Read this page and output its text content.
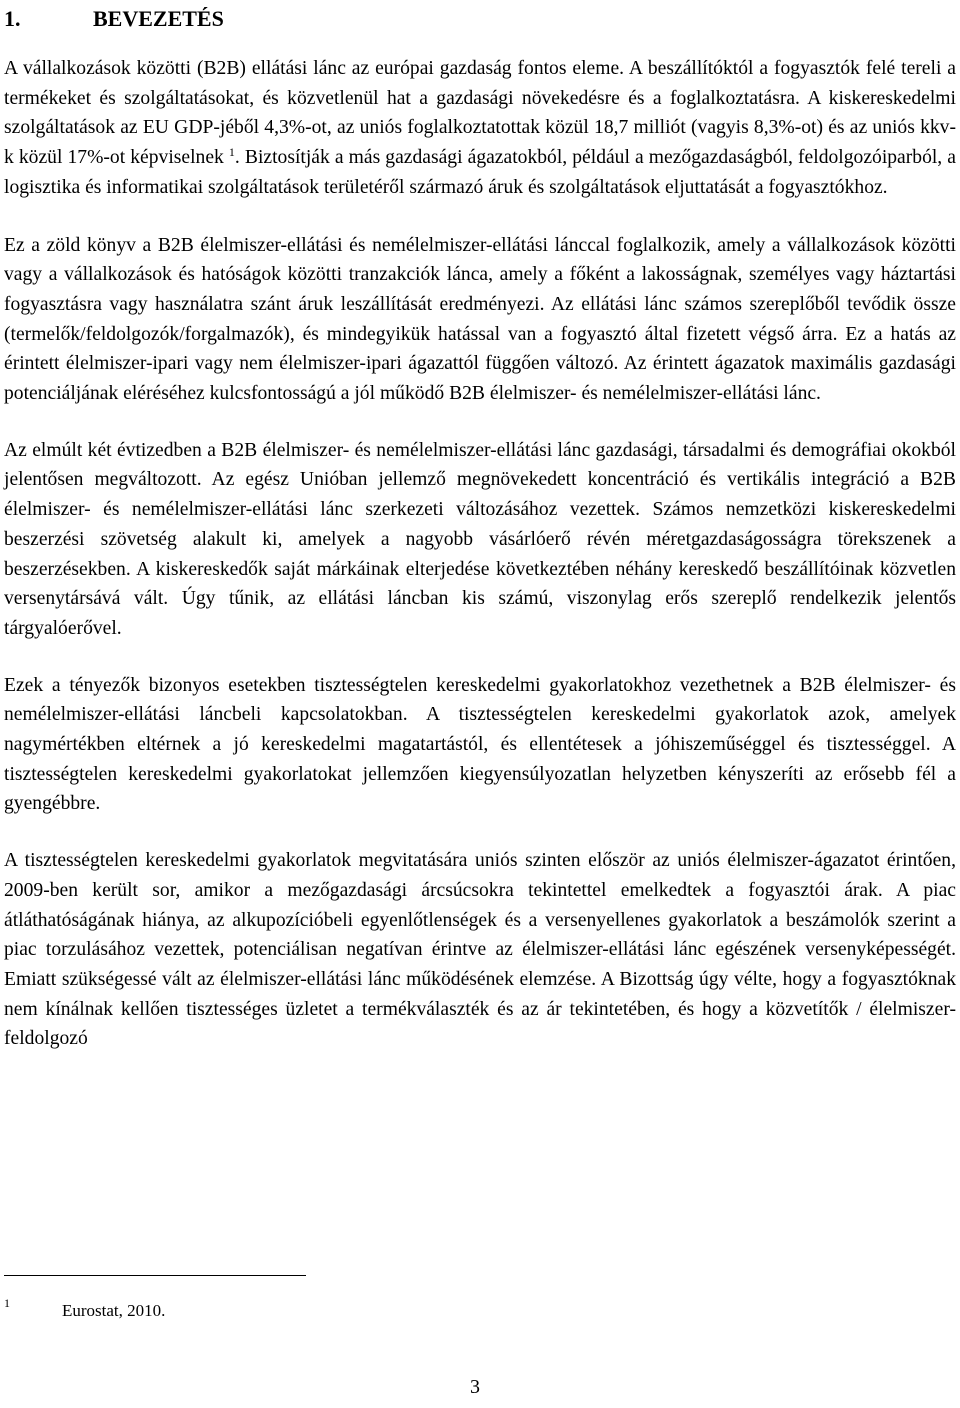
1.	BEVEZETÉS

A vállalkozások közötti (B2B) ellátási lánc az európai gazdaság fontos eleme. A beszállítóktól a fogyasztók felé tereli a termékeket és szolgáltatásokat, és közvetlenül hat a gazdasági növekedésre és a foglalkoztatásra. A kiskereskedelmi szolgáltatások az EU GDP-jéből 4,3%-ot, az uniós foglalkoztatottak közül 18,7 milliót (vagyis 8,3%-ot) és az uniós kkv-k közül 17%-ot képviselnek $^1$. Biztosítják a más gazdasági ágazatokból, például a mezőgazdaságból, feldolgozóiparból, a logisztika és informatikai szolgáltatások területéről származó áruk és szolgáltatások eljuttatását a fogyasztókhoz.

Ez a zöld könyv a B2B élelmiszer-ellátási és nemélelmiszer-ellátási lánccal foglalkozik, amely a vállalkozások közötti vagy a vállalkozások és hatóságok közötti tranzakciók lánca, amely a főként a lakosságnak, személyes vagy háztartási fogyasztásra vagy használatra szánt áruk leszállítását eredményezi. Az ellátási lánc számos szereplőből tevődik össze (termelők/feldolgozók/forgalmazók), és mindegyikük hatással van a fogyasztó által fizetett végső árra. Ez a hatás az érintett élelmiszer-ipari vagy nem élelmiszer-ipari ágazattól függően változó. Az érintett ágazatok maximális gazdasági potenciáljának eléréséhez kulcsfontosságú a jól működő B2B élelmiszer- és nemélelmiszer-ellátási lánc.

Az elmúlt két évtizedben a B2B élelmiszer- és nemélelmiszer-ellátási lánc gazdasági, társadalmi és demográfiai okokból jelentősen megváltozott. Az egész Unióban jellemző megnövekedett koncentráció és vertikális integráció a B2B élelmiszer- és nemélelmiszer-ellátási lánc szerkezeti változásához vezettek. Számos nemzetközi kiskereskedelmi beszerzési szövetség alakult ki, amelyek a nagyobb vásárlóerő révén méretgazdaságosságra törekszenek a beszerzésekben. A kiskereskedők saját márkáinak elterjedése következtében néhány kereskedő beszállítóinak közvetlen versenytársává vált. Úgy tűnik, az ellátási láncban kis számú, viszonylag erős szereplő rendelkezik jelentős tárgyalóerővel.

Ezek a tényezők bizonyos esetekben tisztességtelen kereskedelmi gyakorlatokhoz vezethetnek a B2B élelmiszer- és nemélelmiszer-ellátási láncbeli kapcsolatokban. A tisztességtelen kereskedelmi gyakorlatok azok, amelyek nagymértékben eltérnek a jó kereskedelmi magatartástól, és ellentétesek a jóhiszeműséggel és tisztességgel. A tisztességtelen kereskedelmi gyakorlatokat jellemzően kiegyensúlyozatlan helyzetben kényszeríti az erősebb fél a gyengébbre.

A tisztességtelen kereskedelmi gyakorlatok megvitatására uniós szinten először az uniós élelmiszer-ágazatot érintően, 2009-ben került sor, amikor a mezőgazdasági árcsúcsokra tekintettel emelkedtek a fogyasztói árak. A piac átláthatóságának hiánya, az alkupozícióbeli egyenlőtlenségek és a versenyellenes gyakorlatok a beszámolók szerint a piac torzulásához vezettek, potenciálisan negatívan érintve az élelmiszer-ellátási lánc egészének versenyképességét. Emiatt szükségessé vált az élelmiszer-ellátási lánc működésének elemzése. A Bizottság úgy vélte, hogy a fogyasztóknak nem kínálnak kellően tisztességes üzletet a termékválaszték és az ár tekintetében, és hogy a közvetítők / élelmiszer-feldolgozó

1	Eurostat, 2010.
3
